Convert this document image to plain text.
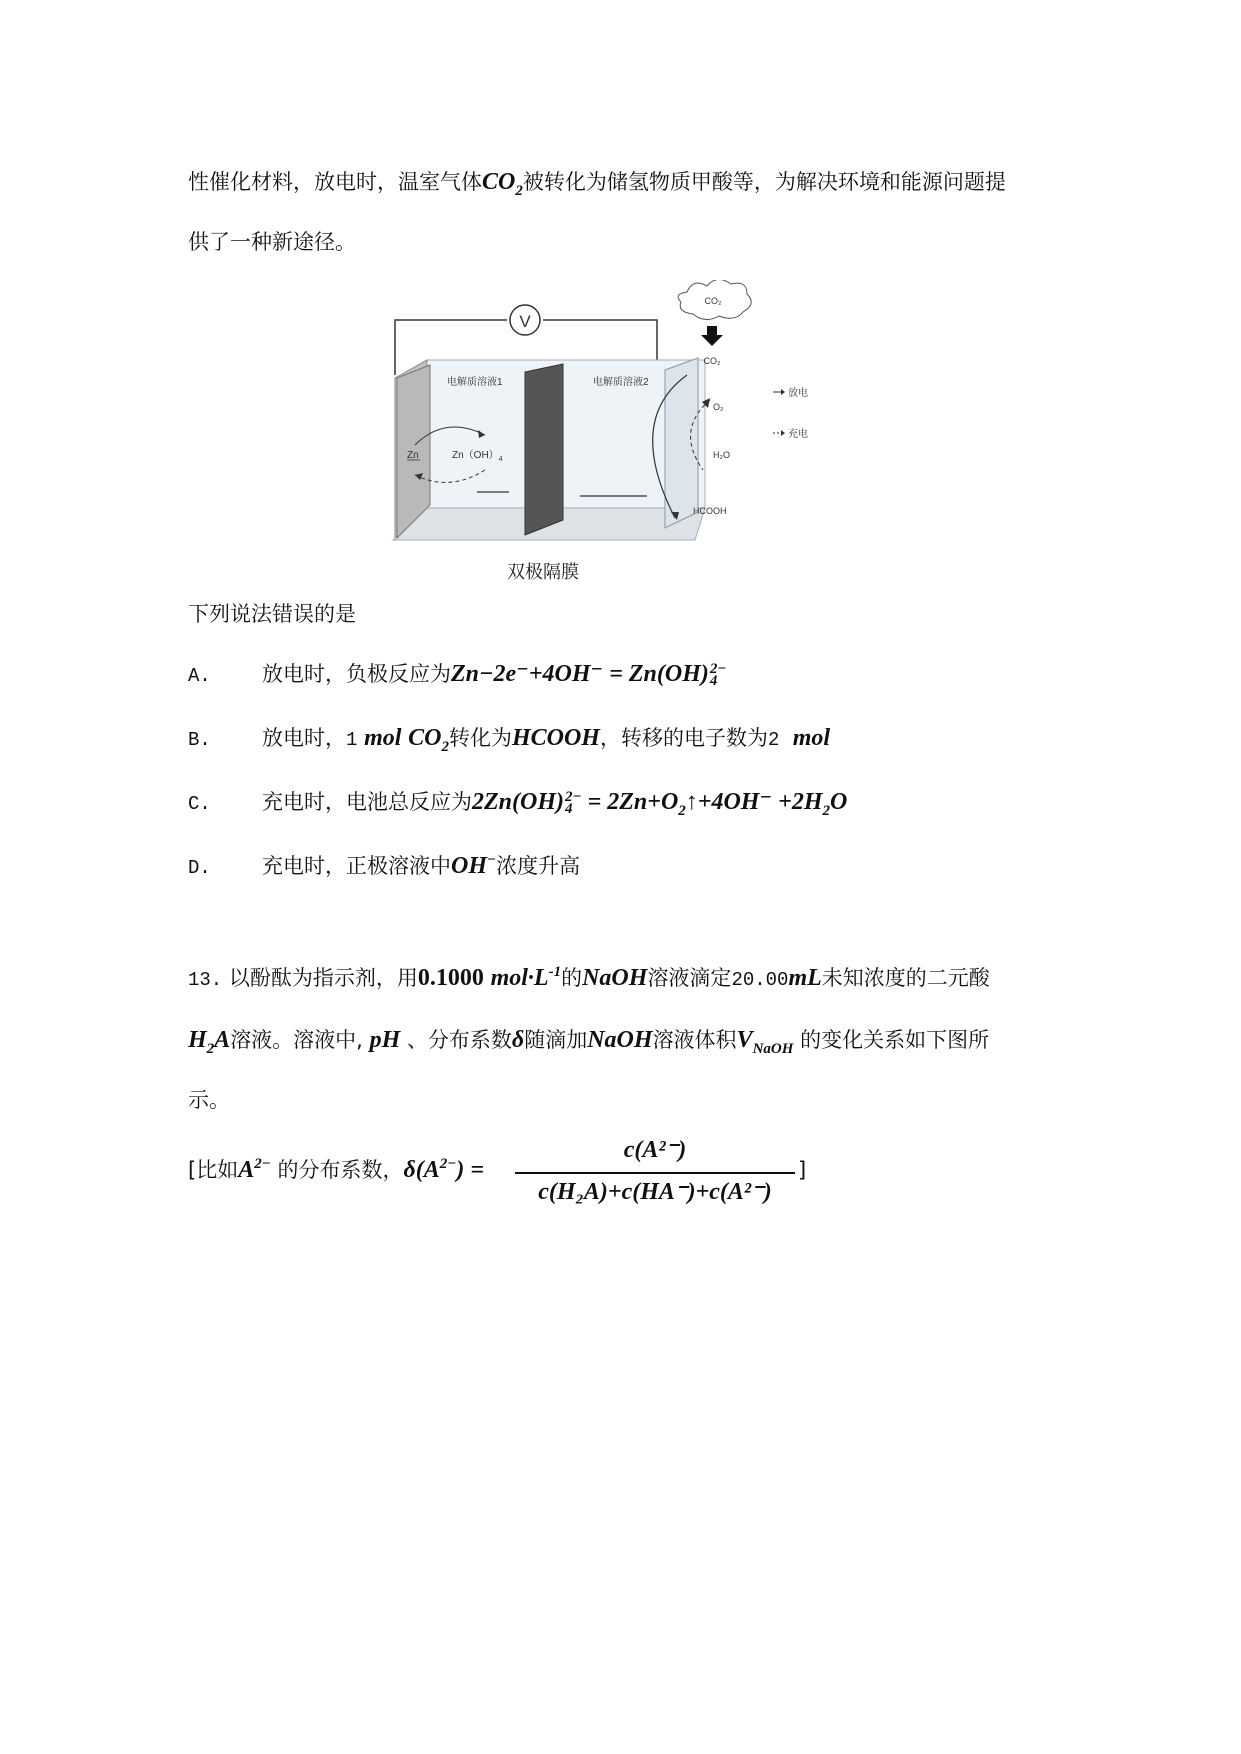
性催化材料，放电时，温室气体$CO_2$被转化为储氢物质甲酸等，为解决环境和能源问题提
供了一种新途径。
V
电解质溶液1	电解质溶液2
Zn	$Zn(OH)_4$
CO₂
CO₂
O₂
H₂O
HCOOH
放电
充电
双极隔膜
下列说法错误的是
A. 放电时，负极反应为Zn−2e⁻+4OH⁻ = Zn(OH) 2−
4
B. 放电时，1 mol $CO_2$转化为HCOOH，转移的电子数为2 mol
C. 充电时，电池总反应为2Zn(OH) 2−
$4 = 2Zn+O_2↑+4OH^- +2H_2O$
D. 充电时，正极溶液中OH−浓度升高
13. 以酚酞为指示剂，用0.1000 $mol\cdot L^{-1}$的NaOH溶液滴定20.00mL未知浓度的二元酸
$H_2A$溶液。溶液中, pH 、分布系数δ随滴加NaOH溶液体积$V_{NaOH}$ 的变化关系如下图所
示。
[比如$A^{2-}$ 的分布系数，$\delta(A^{2-})$ =
c(A²⁻)
c(H₂A)+c(HA⁻)+c(A²⁻)
]
